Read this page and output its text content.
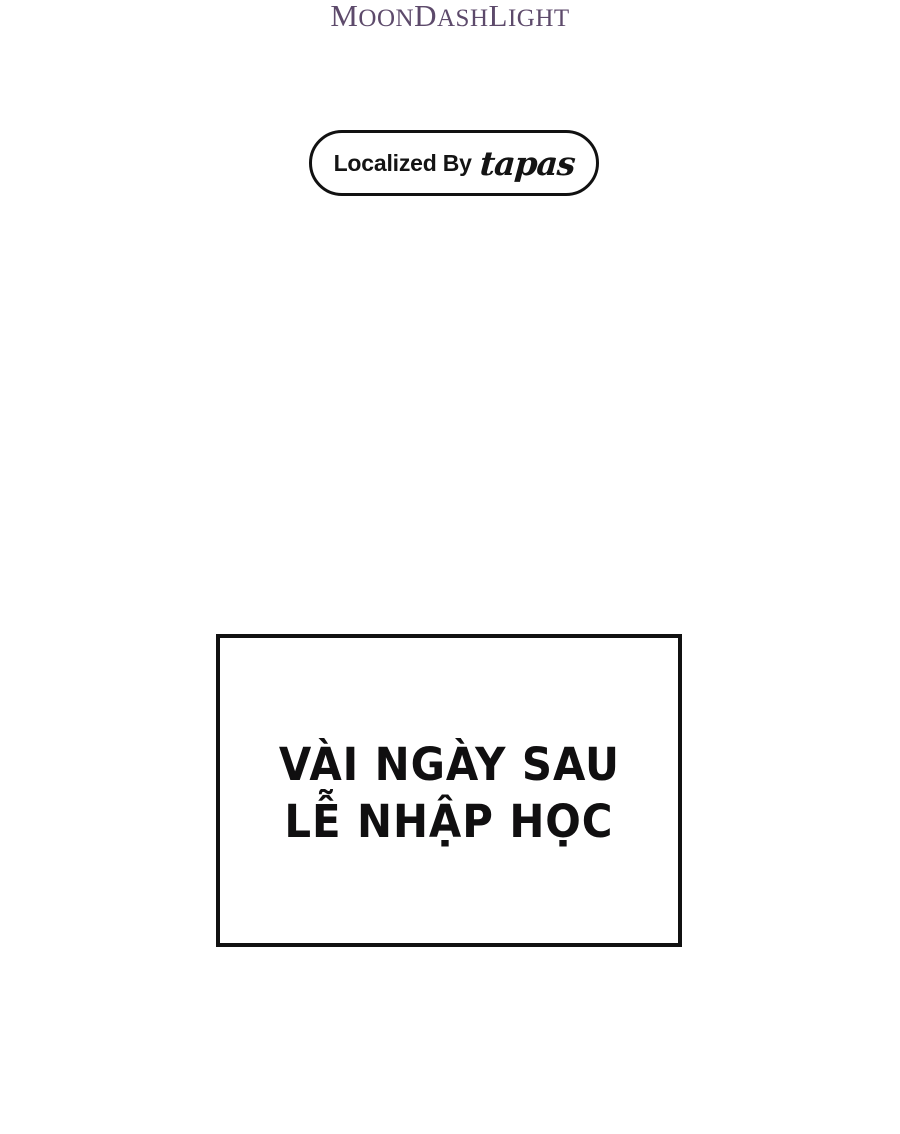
MOONDASHLIGHT
Localized By tapas
VÀI NGÀY SAU
LỄ NHẬP HỌC
